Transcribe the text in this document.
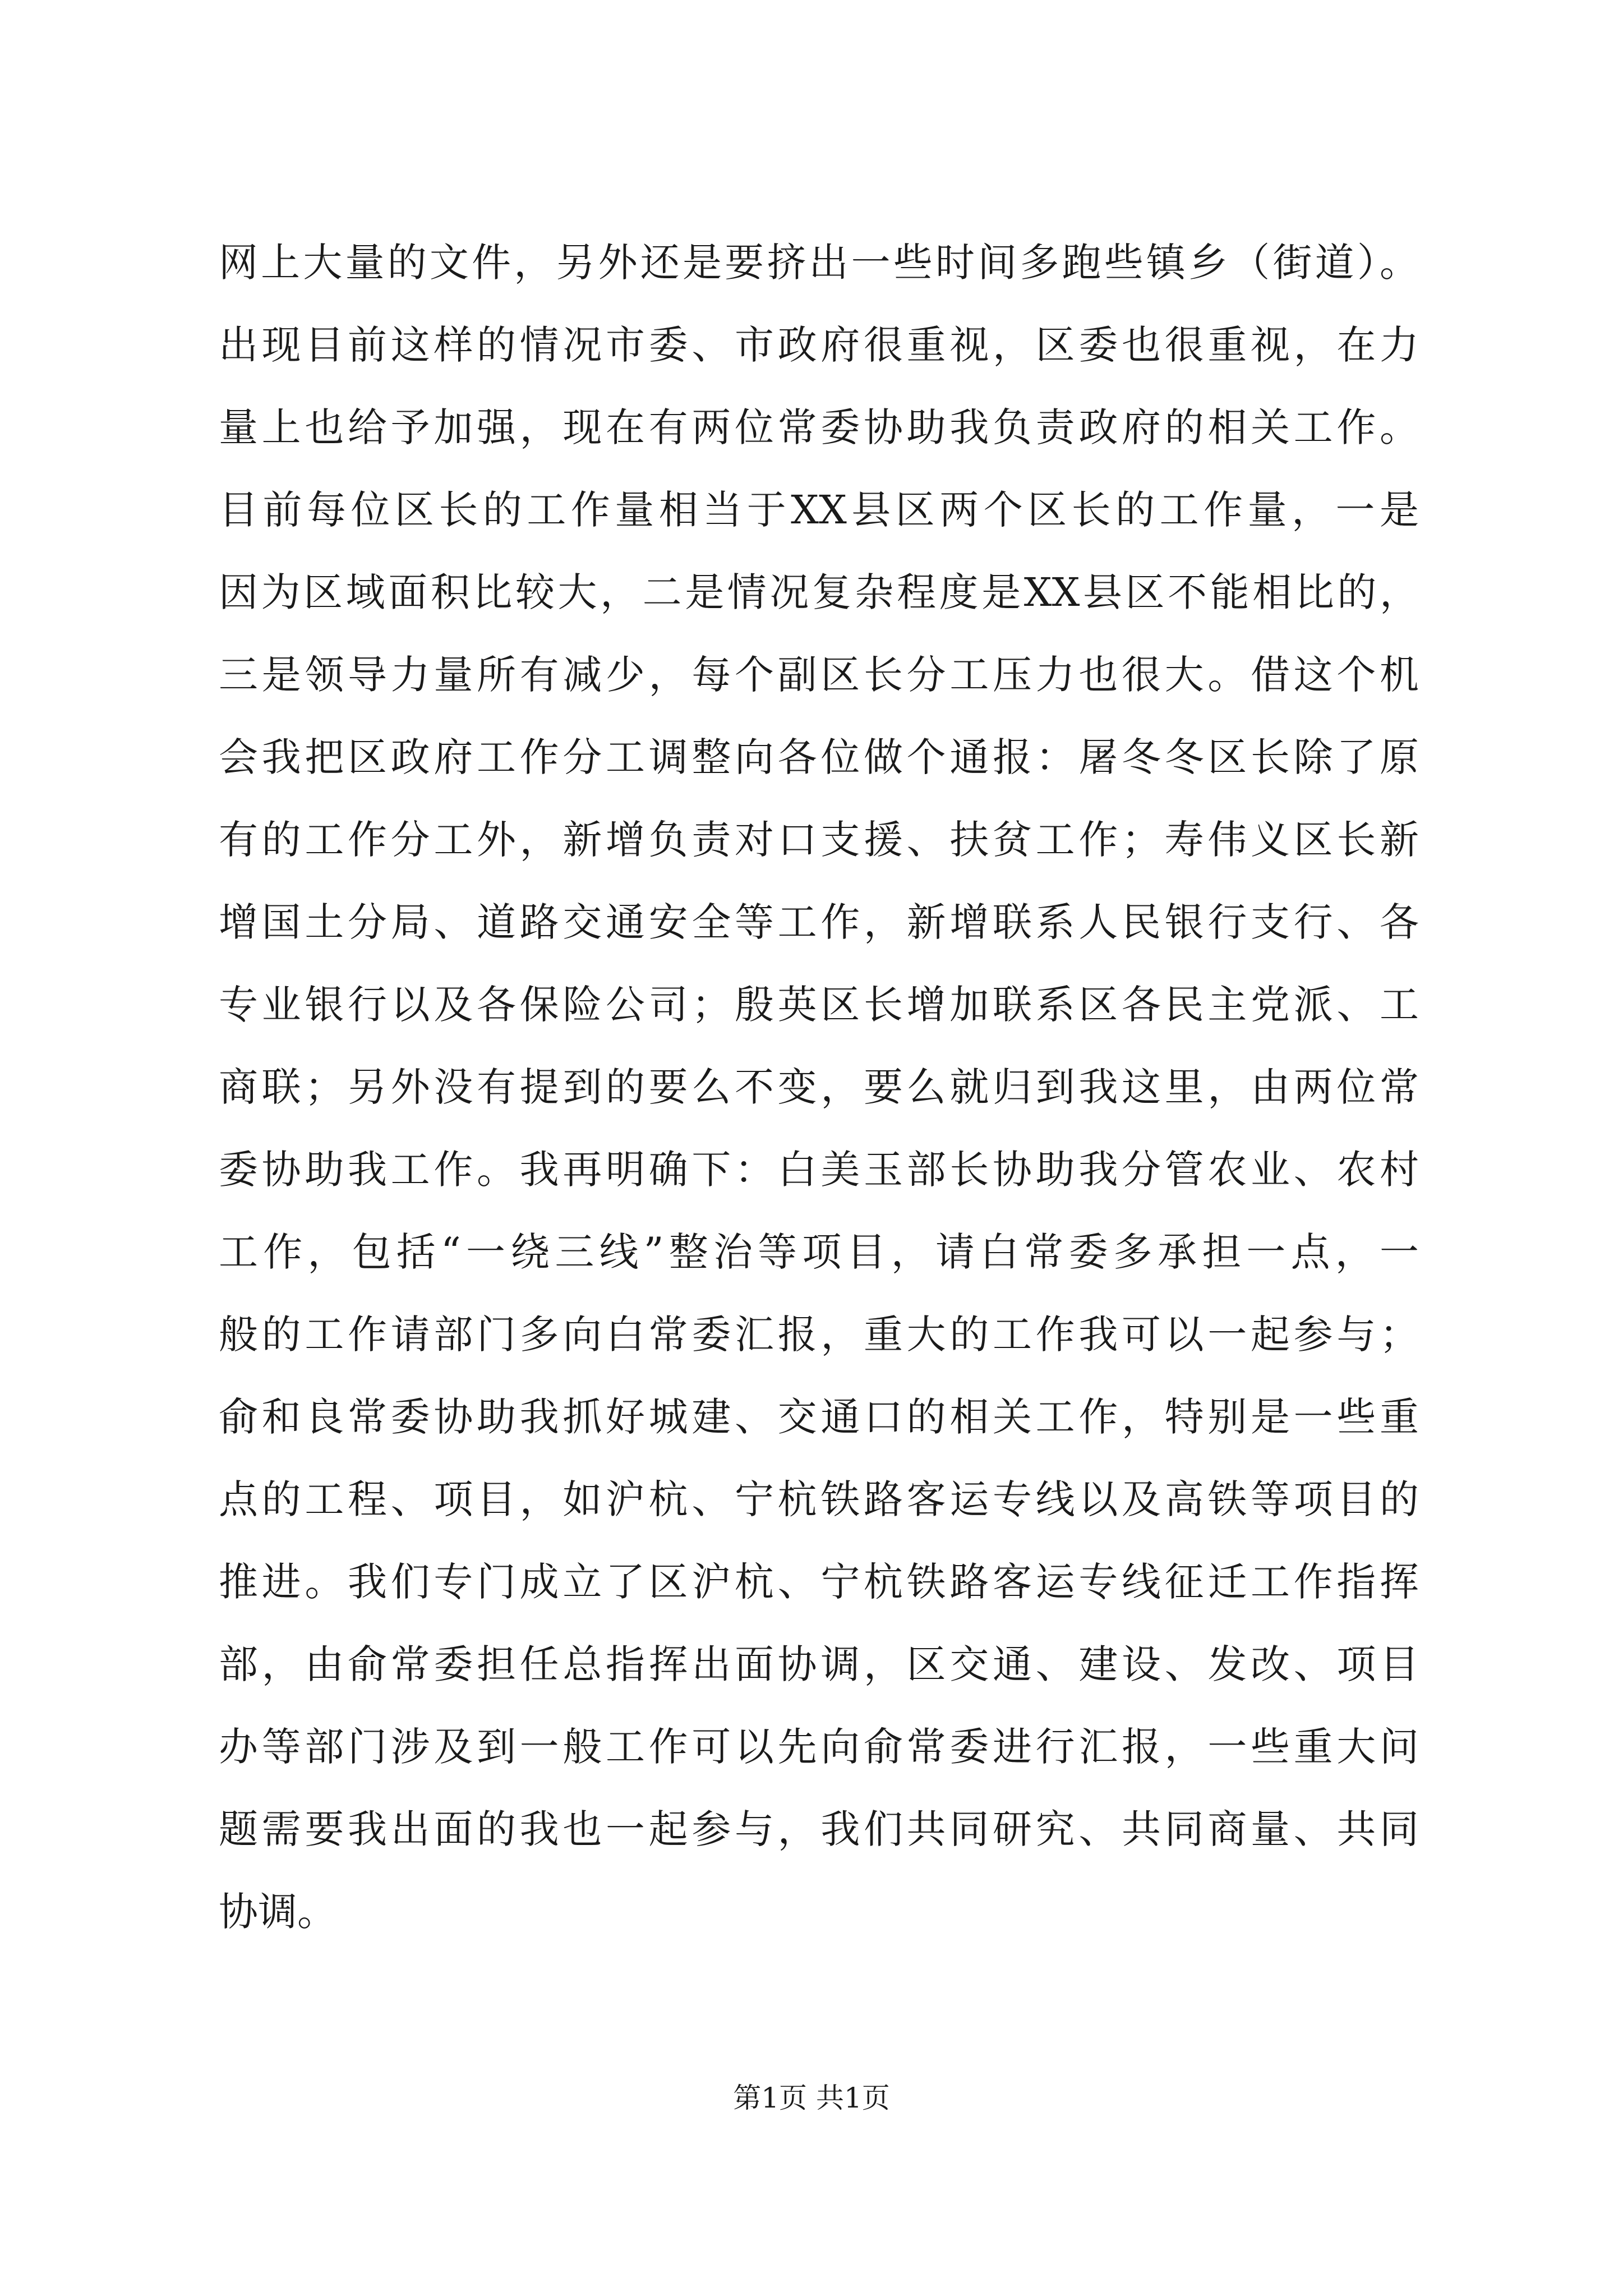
网上大量的文件，另外还是要挤出一些时间多跑些镇乡（街道）。
出现目前这样的情况市委、市政府很重视，区委也很重视，在力
量上也给予加强，现在有两位常委协助我负责政府的相关工作。
目前每位区长的工作量相当于XX县区两个区长的工作量，一是
因为区域面积比较大，二是情况复杂程度是XX县区不能相比的，
三是领导力量所有减少，每个副区长分工压力也很大。借这个机
会我把区政府工作分工调整向各位做个通报：屠冬冬区长除了原
有的工作分工外，新增负责对口支援、扶贫工作；寿伟义区长新
增国土分局、道路交通安全等工作，新增联系人民银行支行、各
专业银行以及各保险公司；殷英区长增加联系区各民主党派、工
商联；另外没有提到的要么不变，要么就归到我这里，由两位常
委协助我工作。我再明确下：白美玉部长协助我分管农业、农村
工作，包括“一绕三线”整治等项目，请白常委多承担一点，一
般的工作请部门多向白常委汇报，重大的工作我可以一起参与；
俞和良常委协助我抓好城建、交通口的相关工作，特别是一些重
点的工程、项目，如沪杭、宁杭铁路客运专线以及高铁等项目的
推进。我们专门成立了区沪杭、宁杭铁路客运专线征迁工作指挥
部，由俞常委担任总指挥出面协调，区交通、建设、发改、项目
办等部门涉及到一般工作可以先向俞常委进行汇报，一些重大问
题需要我出面的我也一起参与，我们共同研究、共同商量、共同
协调。
第1页 共1页
